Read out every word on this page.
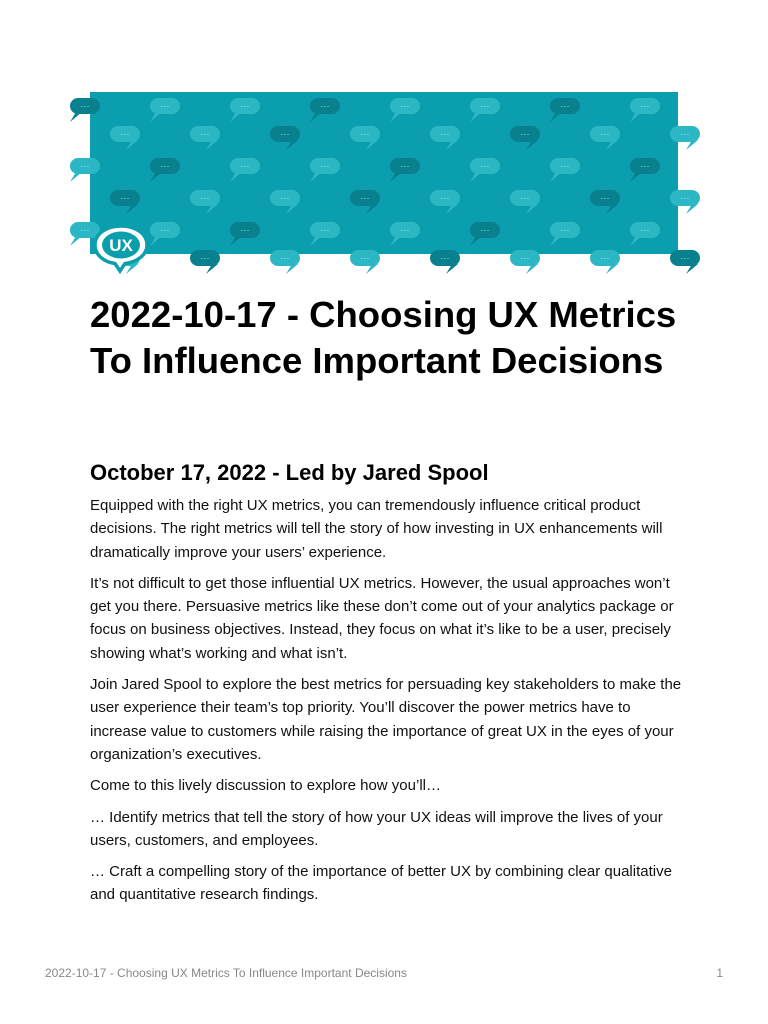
···	···	···	···	···	···	···	···
···	···	···	···	···	···	···	···
···	···	···	···	···	···	···	···
···	···	···	···	···	···	···	···
···	···	···	···	···	···	···	···
···	···	···	···	···	···	···
UX
2022-10-17 - Choosing UX Metrics To Influence Important Decisions
October 17, 2022 - Led by Jared Spool

Equipped with the right UX metrics, you can tremendously influence critical product decisions. The right metrics will tell the story of how investing in UX enhancements will dramatically improve your users’ experience.

It’s not difficult to get those influential UX metrics. However, the usual approaches won’t get you there. Persuasive metrics like these don’t come out of your analytics package or focus on business objectives. Instead, they focus on what it’s like to be a user, precisely showing what’s working and what isn’t.

Join Jared Spool to explore the best metrics for persuading key stakeholders to make the user experience their team’s top priority. You’ll discover the power metrics have to increase value to customers while raising the importance of great UX in the eyes of your organization’s executives.

Come to this lively discussion to explore how you’ll…

… Identify metrics that tell the story of how your UX ideas will improve the lives of your users, customers, and employees.

… Craft a compelling story of the importance of better UX by combining clear qualitative and quantitative research findings.

2022-10-17 - Choosing UX Metrics To Influence Important Decisions	1
